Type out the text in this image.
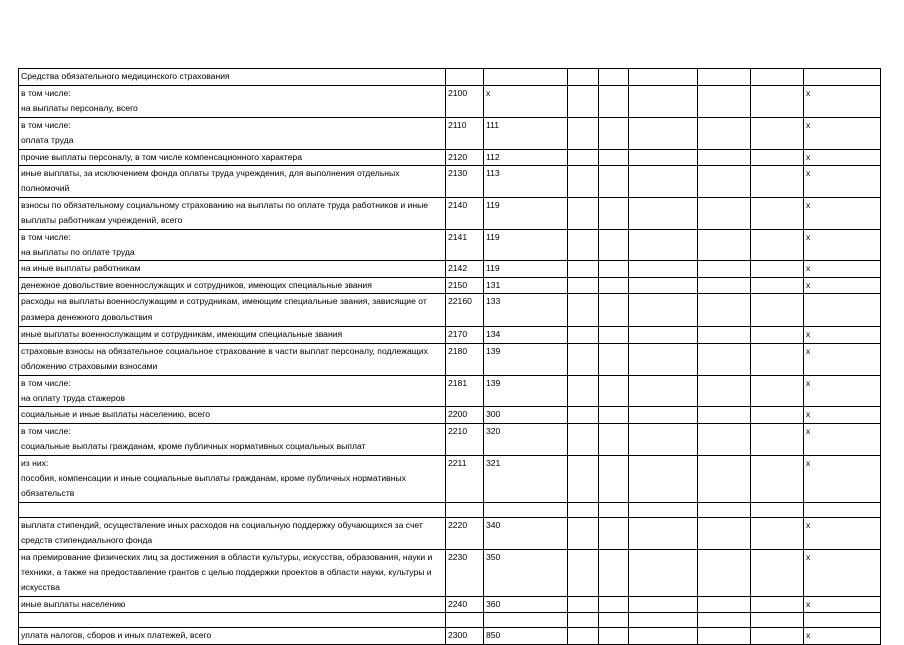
Средства обязательного медицинского страхования								
в том числе:
на выплаты персоналу, всего	2100	x						x
в том числе:
оплата труда	2110	111						x
прочие выплаты персоналу, в том числе компенсационного характера	2120	112						x
иные выплаты, за исключением фонда оплаты труда учреждения, для выполнения отдельных полномочий	2130	113						x
взносы по обязательному социальному страхованию на выплаты по оплате труда работников и иные выплаты работникам учреждений, всего	2140	119						x
в том числе:
на выплаты по оплате труда	2141	119						x
на иные выплаты работникам	2142	119						x
денежное довольствие военнослужащих и сотрудников, имеющих специальные звания	2150	131						x
расходы на выплаты военнослужащим и сотрудникам, имеющим специальные звания, зависящие от размера денежного довольствия	22160	133						
иные выплаты военнослужащим и сотрудникам, имеющим специальные звания	2170	134						x
страховые взносы на обязательное социальное страхование в части выплат персоналу, подлежащих обложению страховыми взносами	2180	139						x
в том числе:
на оплату труда стажеров	2181	139						x
социальные и иные выплаты населению, всего	2200	300						x
в том числе:
социальные выплаты гражданам, кроме публичных нормативных социальных выплат	2210	320						x
из них:
пособия, компенсации и иные социальные выплаты гражданам, кроме публичных нормативных обязательств	2211	321						x

выплата стипендий, осуществление иных расходов на социальную поддержку обучающихся за счет средств стипендиального фонда	2220	340						x
на премирование физических лиц за достижения в области культуры, искусства, образования, науки и техники, а также на предоставление грантов с целью поддержки проектов в области науки, культуры и искусства	2230	350						x
иные выплаты населению	2240	360						x

уплата налогов, сборов и иных платежей, всего	2300	850						x
